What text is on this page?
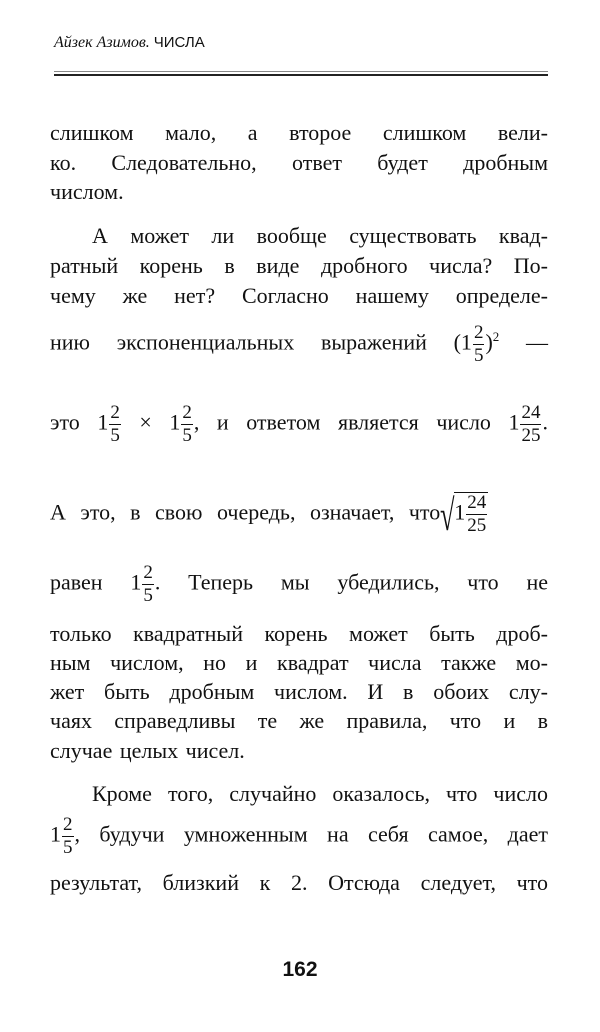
Айзек Азимов. ЧИСЛА
слишком мало, а второе слишком вели-
ко. Следовательно, ответ будет дробным
числом.
А может ли вообще существовать квад-
ратный корень в виде дробного числа? По-
чему же нет? Согласно нашему определе-
нию экспоненциальных выражений $(1 \frac{2}{5} )^2$ —
это $1 \frac{2}{5} \times 1 \frac{2}{5}$ , и ответом является число $1 \frac{24}{25}$ .
А это, в свою очередь, означает, что √ $1 \frac{24}{25}$
равен $1 \frac{2}{5}$ . Теперь мы убедились, что не
только квадратный корень может быть дроб-
ным числом, но и квадрат числа также мо-
жет быть дробным числом. И в обоих слу-
чаях справедливы те же правила, что и в
случае целых чисел.
Кроме того, случайно оказалось, что число
$1 \frac{2}{5}$ , будучи умноженным на себя самое, дает
результат, близкий к 2. Отсюда следует, что
162
